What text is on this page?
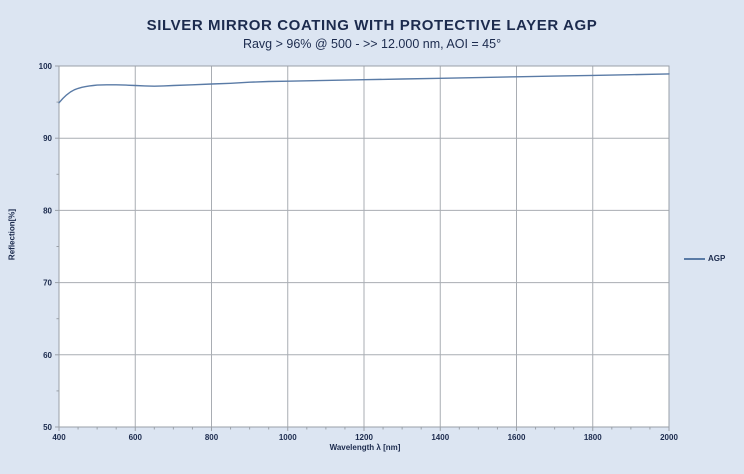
400	600	800	1000	1200	1400	1600	1800	2000
50
60
70
80
90
100
SILVER MIRROR COATING WITH PROTECTIVE LAYER AGP
Ravg > 96% @ 500 - >> 12.000 nm, AOI = 45°
Reflection[%]
Wavelength λ [nm]
AGP
